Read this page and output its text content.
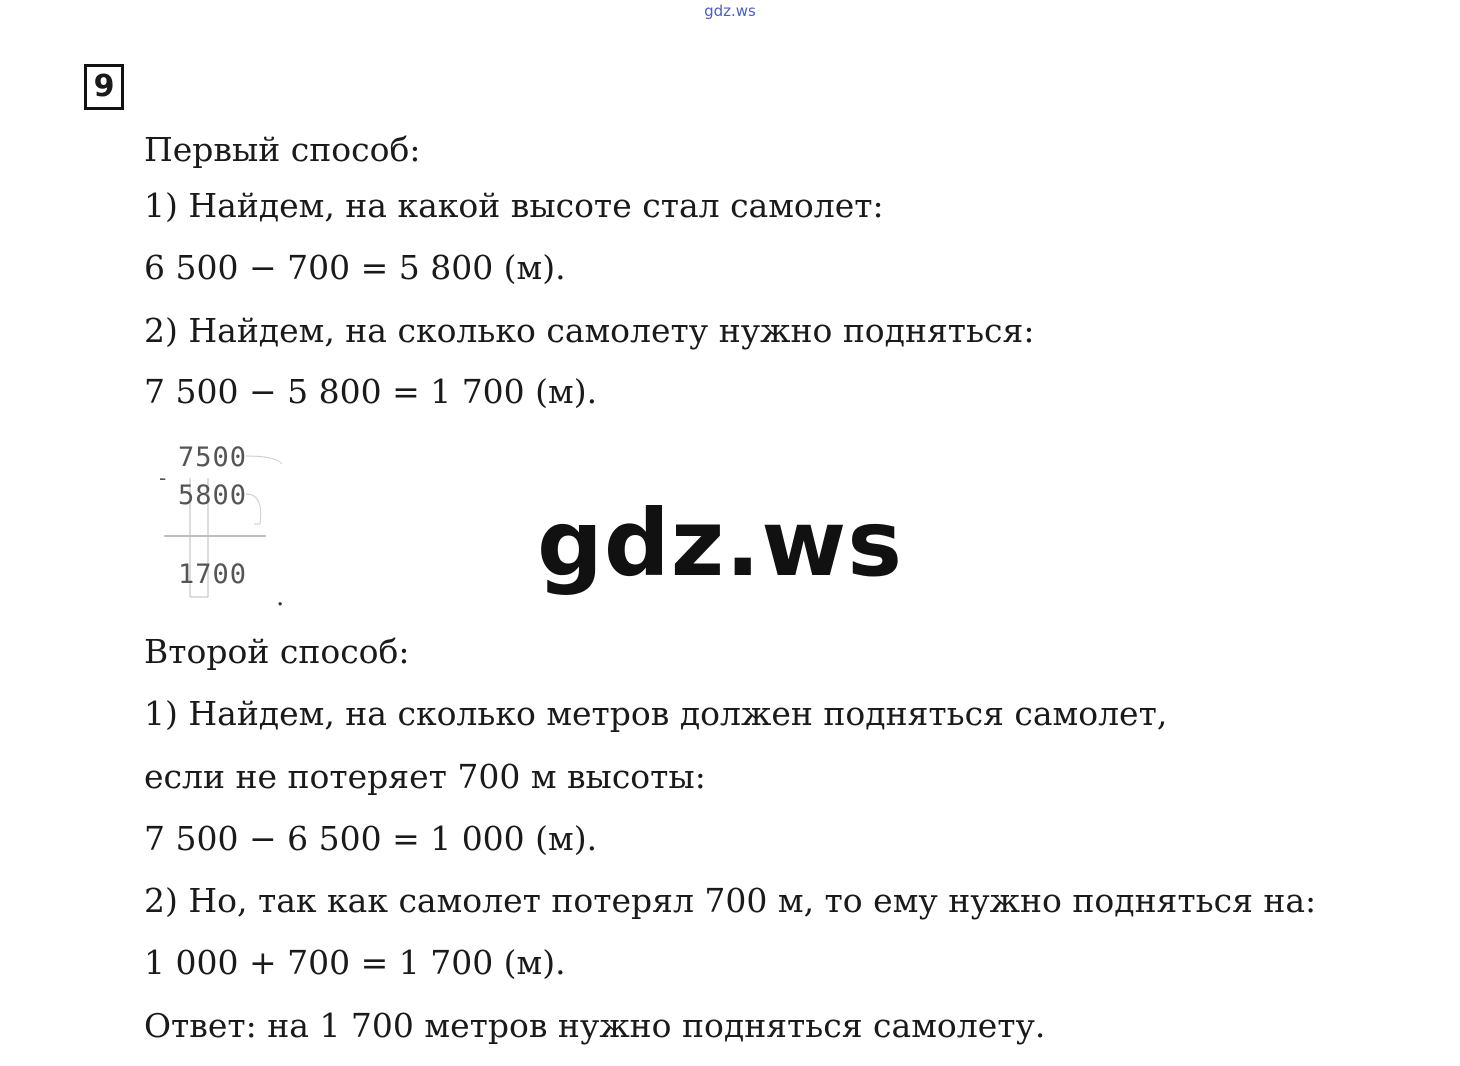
gdz.ws
9
Первый способ:
1) Найдем, на какой высоте стал самолет:
6 500 − 700 = 5 800 (м).
2) Найдем, на сколько самолету нужно подняться:
7 500 − 5 800 = 1 700 (м).
7500
-
5800
1700
.	gdz.ws
Второй способ:
1) Найдем, на сколько метров должен подняться самолет,
если не потеряет 700 м высоты:
7 500 − 6 500 = 1 000 (м).
2) Но, так как самолет потерял 700 м, то ему нужно подняться на:
1 000 + 700 = 1 700 (м).
Ответ: на 1 700 метров нужно подняться самолету.
